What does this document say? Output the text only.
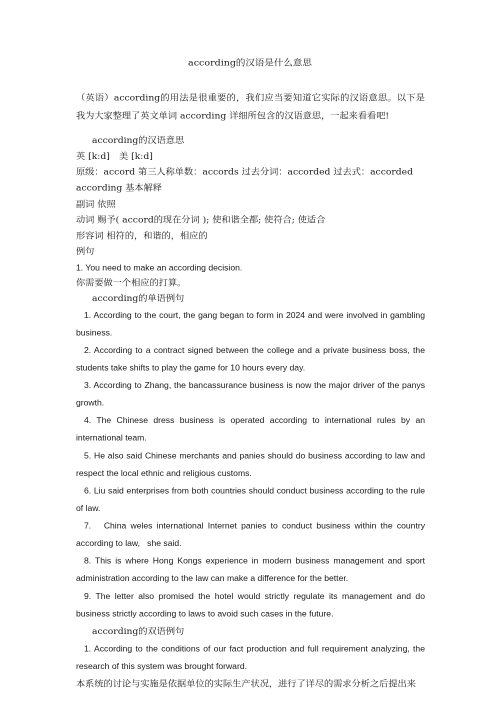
according的汉语是什么意思
（英语）according的用法是很重要的，我们应当要知道它实际的汉语意思。以下是我为大家整理了英文单词 according 详细所包含的汉语意思，一起来看看吧!
according的汉语意思
英 [kːd]　美 [kːd]
原级：accord 第三人称单数：accords 过去分词：accorded 过去式：accorded
according 基本解释
副词 依照
动词 赐予( accord的现在分词 ); 使和谐全都; 使符合; 使适合
形容词 相符的，和谐的，相应的
例句
1. You need to make an according decision.
你需要做一个相应的打算。
according的单语例句
1. According to the court, the gang began to form in 2024 and were involved in gambling business.
2. According to a contract signed between the college and a private business boss, the students take shifts to play the game for 10 hours every day.
3. According to Zhang, the bancassurance business is now the major driver of the panys growth.
4. The Chinese dress business is operated according to international rules by an international team.
5. He also said Chinese merchants and panies should do business according to law and respect the local ethnic and religious customs.
6. Liu said enterprises from both countries should conduct business according to the rule of law.
7.   China weles international Internet panies to conduct business within the country according to law,   she said.
8. This is where Hong Kongs experience in modern business management and sport administration according to the law can make a difference for the better.
9. The letter also promised the hotel would strictly regulate its management and do business strictly according to laws to avoid such cases in the future.
according的双语例句
1. According to the conditions of our fact production and full requirement analyzing, the research of this system was brought forward.
本系统的讨论与实施是依据单位的实际生产状况，进行了详尽的需求分析之后提出来
